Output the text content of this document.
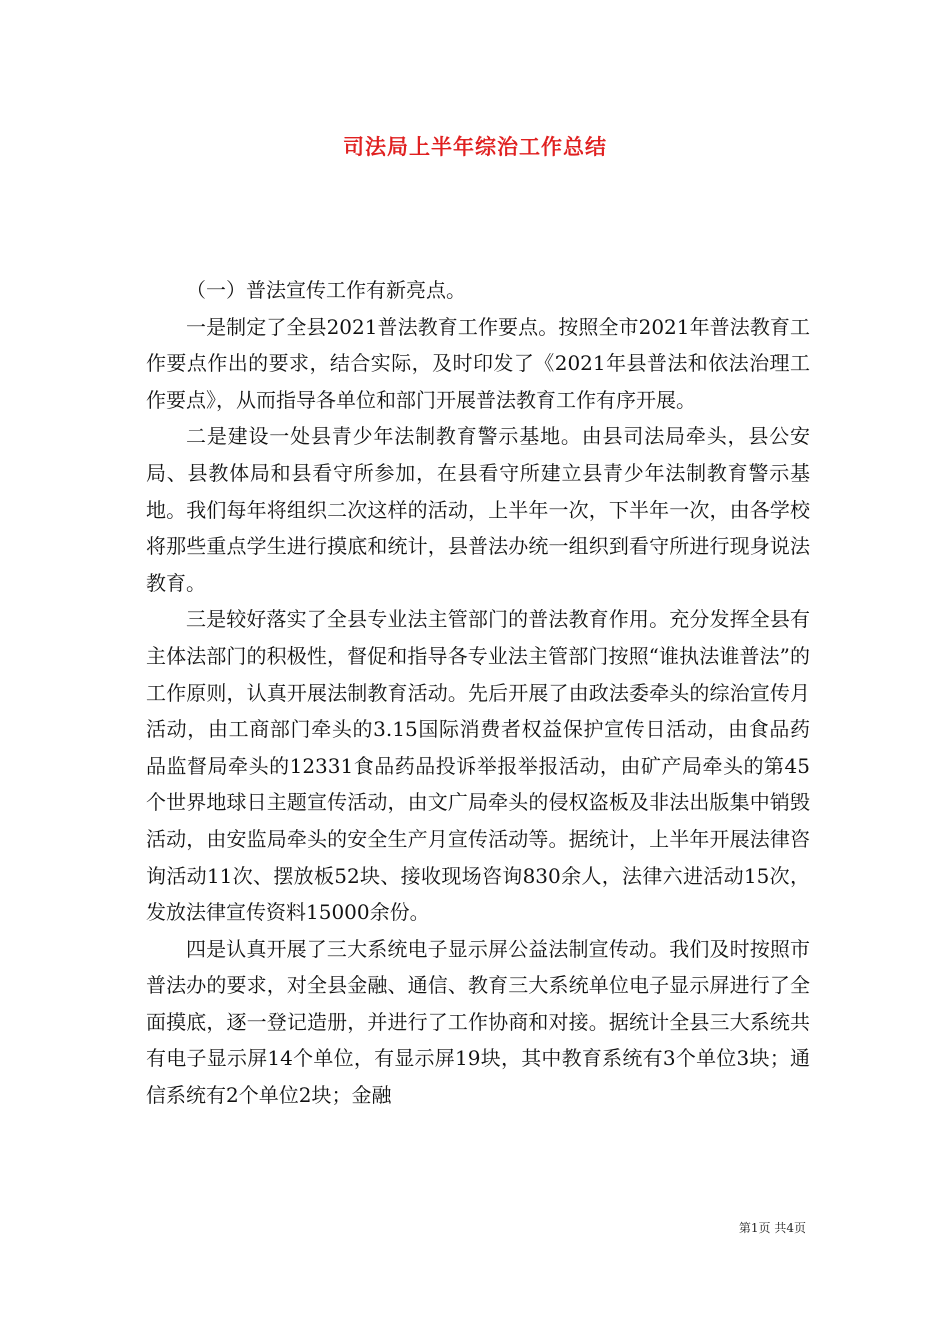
司法局上半年综治工作总结

（一）普法宣传工作有新亮点。

一是制定了全县2021普法教育工作要点。按照全市2021年普法教育工作要点作出的要求，结合实际，及时印发了《2021年县普法和依法治理工作要点》，从而指导各单位和部门开展普法教育工作有序开展。

二是建设一处县青少年法制教育警示基地。由县司法局牵头，县公安局、县教体局和县看守所参加，在县看守所建立县青少年法制教育警示基地。我们每年将组织二次这样的活动，上半年一次，下半年一次，由各学校将那些重点学生进行摸底和统计，县普法办统一组织到看守所进行现身说法教育。

三是较好落实了全县专业法主管部门的普法教育作用。充分发挥全县有主体法部门的积极性，督促和指导各专业法主管部门按照“谁执法谁普法”的工作原则，认真开展法制教育活动。先后开展了由政法委牵头的综治宣传月活动，由工商部门牵头的3.15国际消费者权益保护宣传日活动，由食品药品监督局牵头的12331食品药品投诉举报举报活动，由矿产局牵头的第45个世界地球日主题宣传活动，由文广局牵头的侵权盗板及非法出版集中销毁活动，由安监局牵头的安全生产月宣传活动等。据统计，上半年开展法律咨询活动11次、摆放板52块、接收现场咨询830余人，法律六进活动15次，发放法律宣传资料15000余份。

四是认真开展了三大系统电子显示屏公益法制宣传动。我们及时按照市普法办的要求，对全县金融、通信、教育三大系统单位电子显示屏进行了全面摸底，逐一登记造册，并进行了工作协商和对接。据统计全县三大系统共有电子显示屏14个单位，有显示屏19块，其中教育系统有3个单位3块；通信系统有2个单位2块；金融

第1页 共4页
